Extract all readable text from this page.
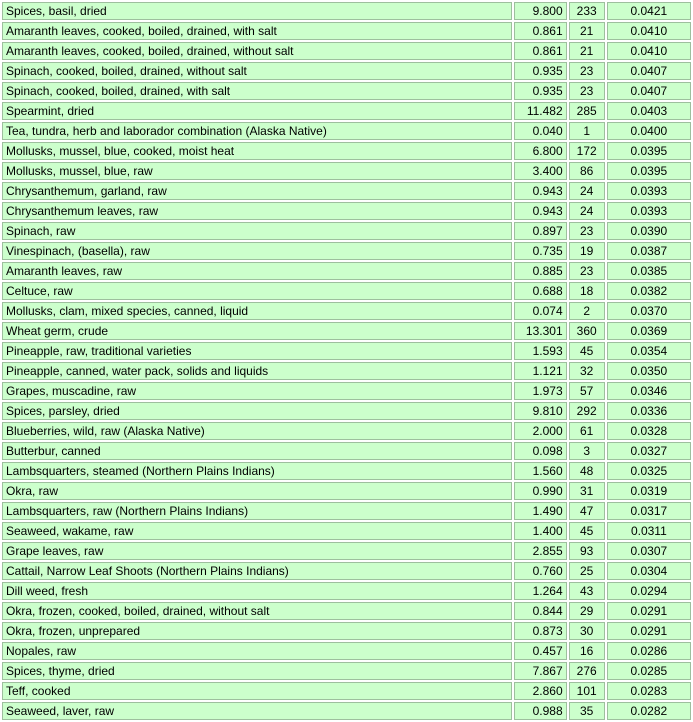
Spices, basil, dried	9.800	233	0.0421
Amaranth leaves, cooked, boiled, drained, with salt	0.861	21	0.0410
Amaranth leaves, cooked, boiled, drained, without salt	0.861	21	0.0410
Spinach, cooked, boiled, drained, without salt	0.935	23	0.0407
Spinach, cooked, boiled, drained, with salt	0.935	23	0.0407
Spearmint, dried	11.482	285	0.0403
Tea, tundra, herb and laborador combination (Alaska Native)	0.040	1	0.0400
Mollusks, mussel, blue, cooked, moist heat	6.800	172	0.0395
Mollusks, mussel, blue, raw	3.400	86	0.0395
Chrysanthemum, garland, raw	0.943	24	0.0393
Chrysanthemum leaves, raw	0.943	24	0.0393
Spinach, raw	0.897	23	0.0390
Vinespinach, (basella), raw	0.735	19	0.0387
Amaranth leaves, raw	0.885	23	0.0385
Celtuce, raw	0.688	18	0.0382
Mollusks, clam, mixed species, canned, liquid	0.074	2	0.0370
Wheat germ, crude	13.301	360	0.0369
Pineapple, raw, traditional varieties	1.593	45	0.0354
Pineapple, canned, water pack, solids and liquids	1.121	32	0.0350
Grapes, muscadine, raw	1.973	57	0.0346
Spices, parsley, dried	9.810	292	0.0336
Blueberries, wild, raw (Alaska Native)	2.000	61	0.0328
Butterbur, canned	0.098	3	0.0327
Lambsquarters, steamed (Northern Plains Indians)	1.560	48	0.0325
Okra, raw	0.990	31	0.0319
Lambsquarters, raw (Northern Plains Indians)	1.490	47	0.0317
Seaweed, wakame, raw	1.400	45	0.0311
Grape leaves, raw	2.855	93	0.0307
Cattail, Narrow Leaf Shoots (Northern Plains Indians)	0.760	25	0.0304
Dill weed, fresh	1.264	43	0.0294
Okra, frozen, cooked, boiled, drained, without salt	0.844	29	0.0291
Okra, frozen, unprepared	0.873	30	0.0291
Nopales, raw	0.457	16	0.0286
Spices, thyme, dried	7.867	276	0.0285
Teff, cooked	2.860	101	0.0283
Seaweed, laver, raw	0.988	35	0.0282
